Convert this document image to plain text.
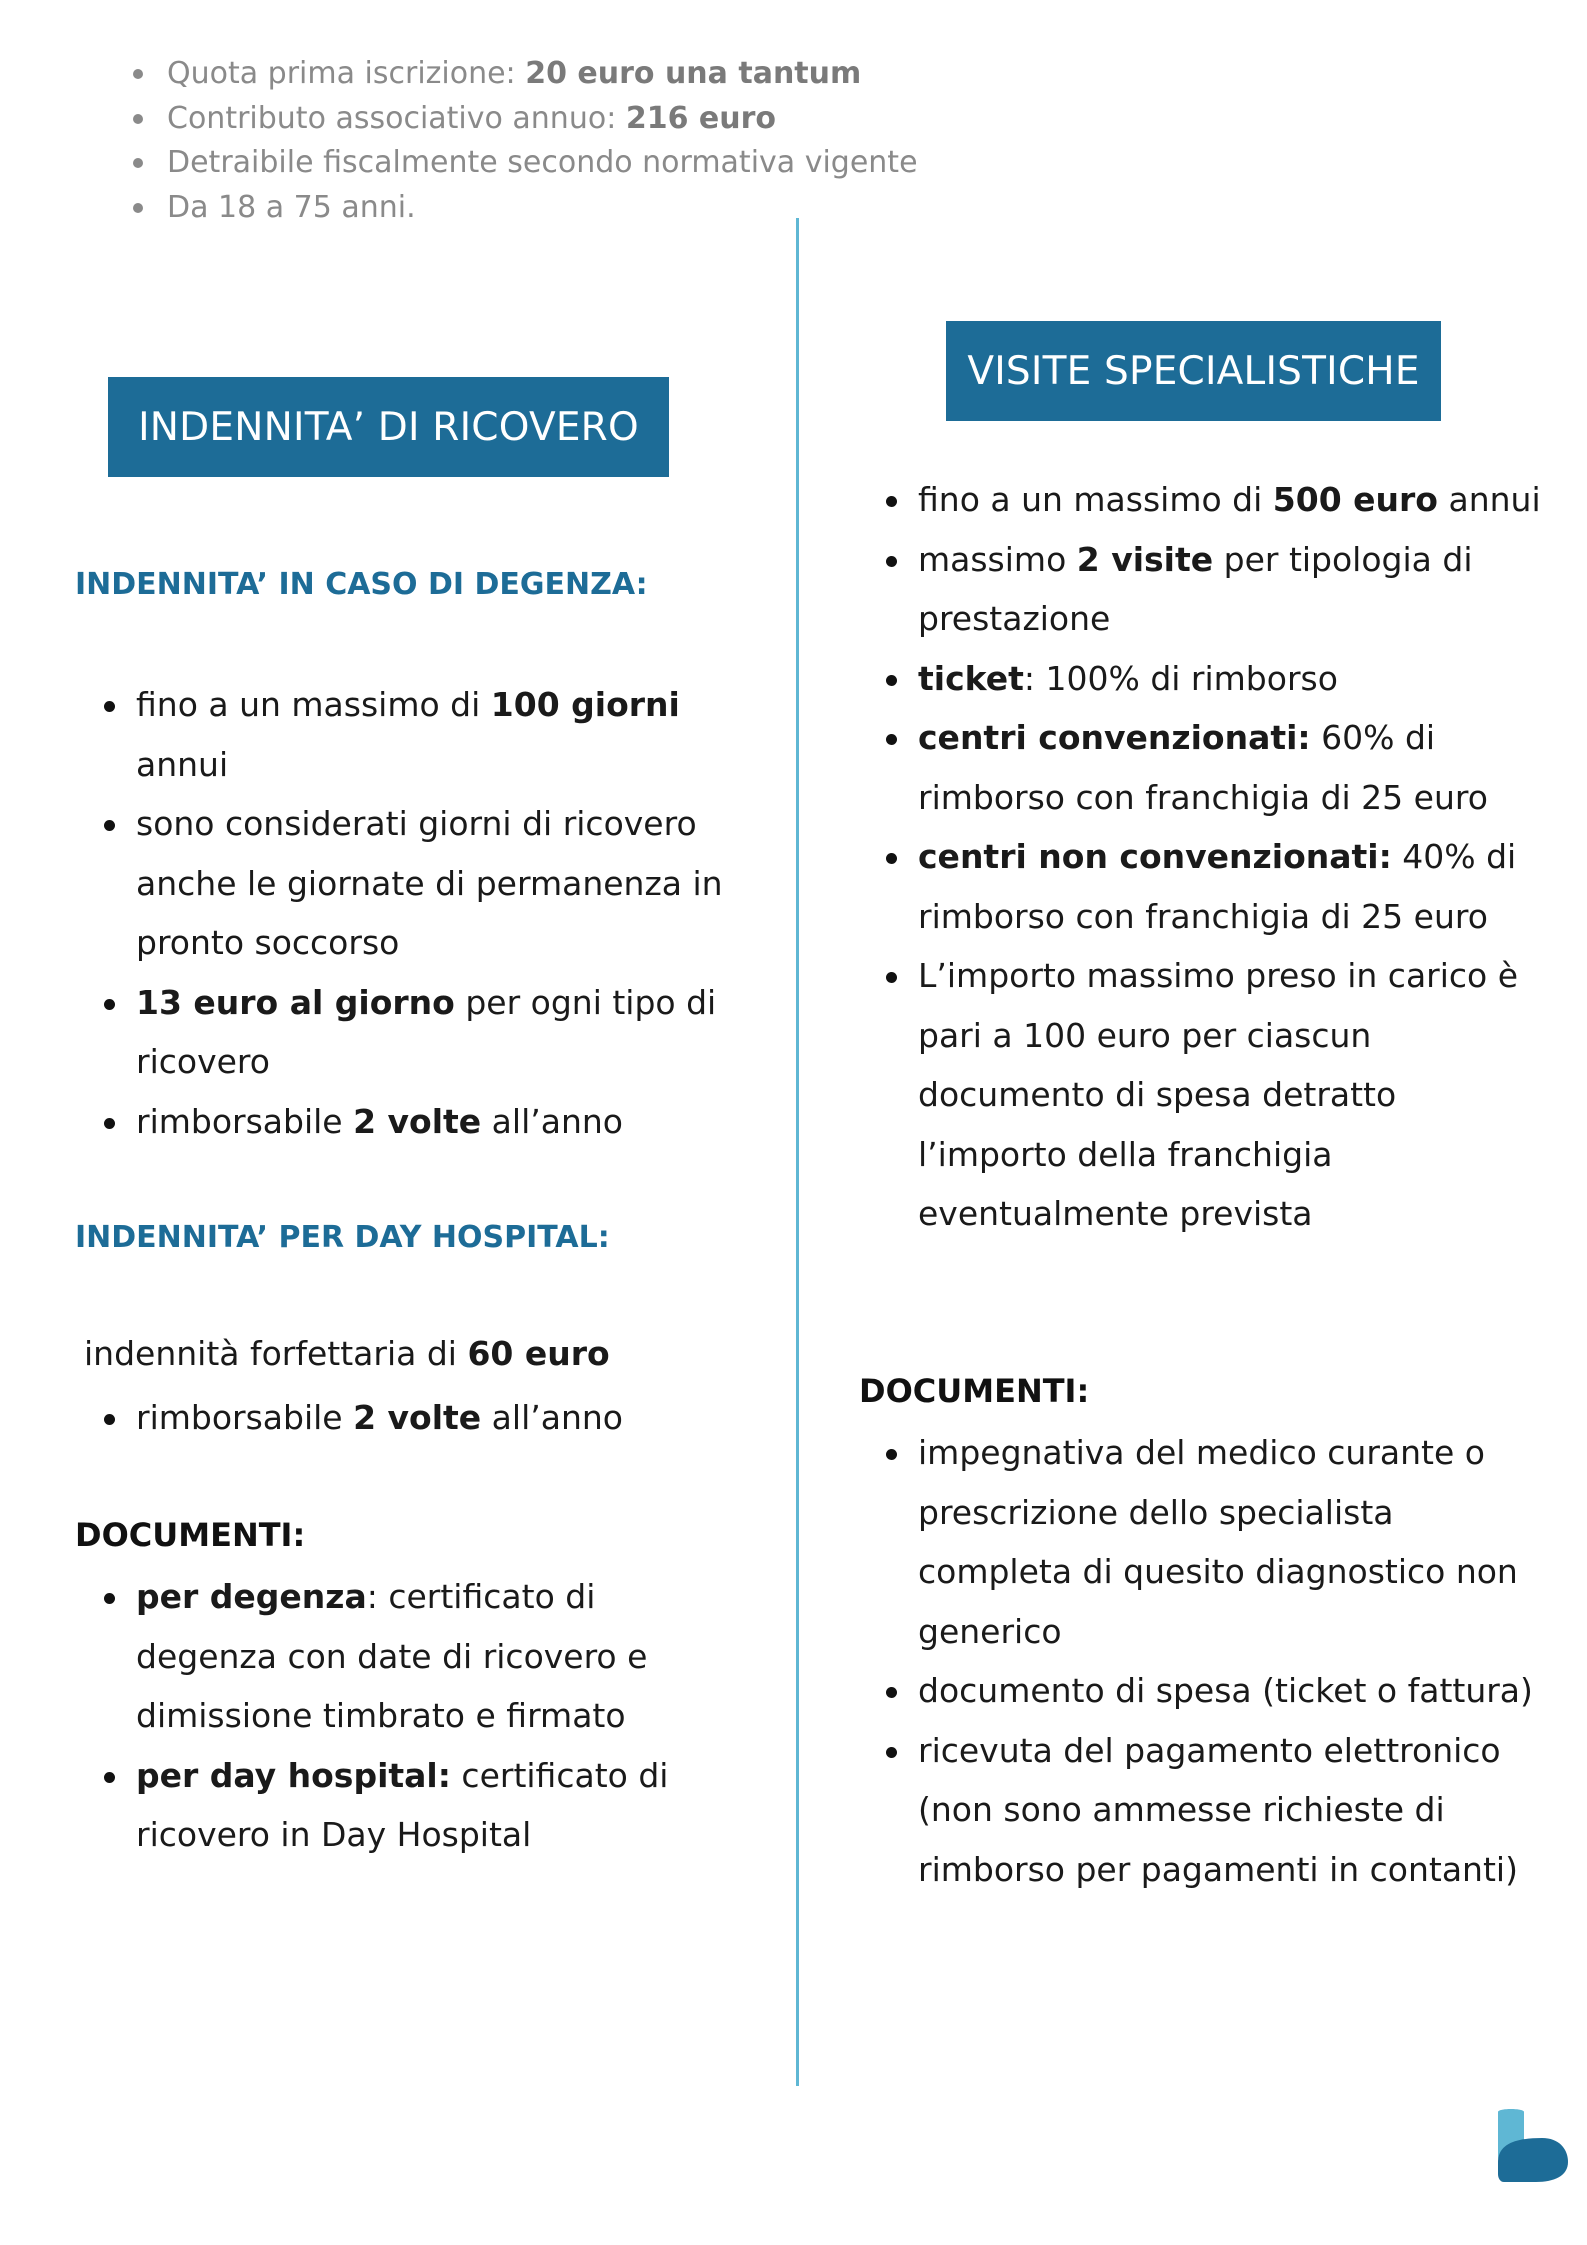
Quota prima iscrizione: 20 euro una tantum
Contributo associativo annuo: 216 euro
Detraibile fiscalmente secondo normativa vigente
Da 18 a 75 anni.
INDENNITA’ DI RICOVERO
INDENNITA’ IN CASO DI DEGENZA:
fino a un massimo di 100 giorni annui
sono considerati giorni di ricovero anche le giornate di permanenza in pronto soccorso
13 euro al giorno per ogni tipo di ricovero
rimborsabile 2 volte all’anno
INDENNITA’ PER DAY HOSPITAL:
indennità forfettaria di 60 euro
rimborsabile 2 volte all’anno
DOCUMENTI:
per degenza: certificato di degenza con date di ricovero e dimissione timbrato e firmato
per day hospital: certificato di ricovero in Day Hospital
VISITE SPECIALISTICHE
fino a un massimo di 500 euro annui
massimo 2 visite per tipologia di prestazione
ticket: 100% di rimborso
centri convenzionati: 60% di rimborso con franchigia di 25 euro
centri non convenzionati: 40% di rimborso con franchigia di 25 euro
L’importo massimo preso in carico è pari a 100 euro per ciascun documento di spesa detratto l’importo della franchigia eventualmente prevista
DOCUMENTI:
impegnativa del medico curante o prescrizione dello specialista completa di quesito diagnostico non generico
documento di spesa (ticket o fattura)
ricevuta del pagamento elettronico (non sono ammesse richieste di rimborso per pagamenti in contanti)
